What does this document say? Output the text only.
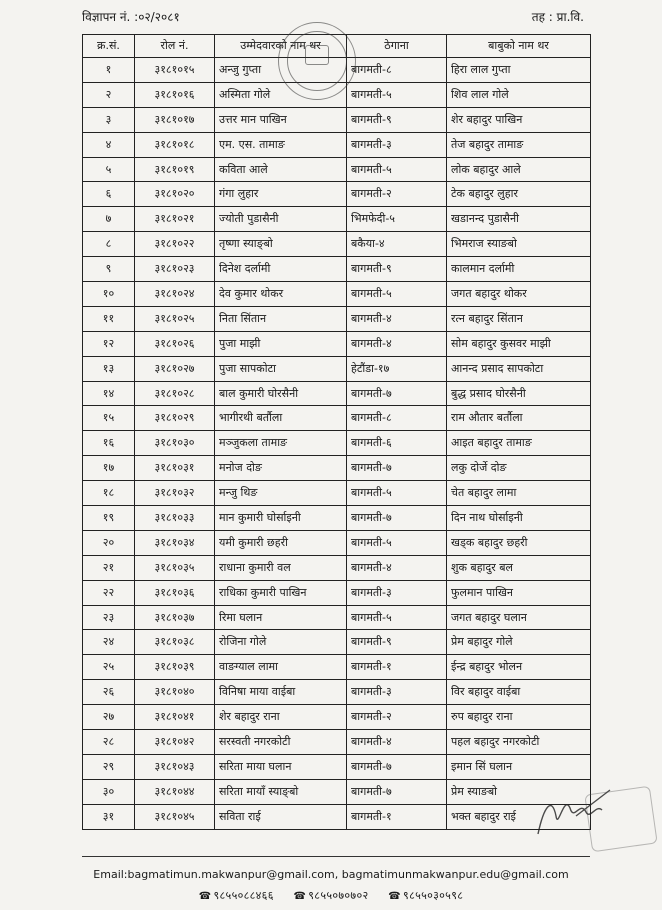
विज्ञापन नं. :०२/२०८१	तह : प्रा.वि.
क्र.सं.	रोल नं.	उम्मेदवारको नाम थर	ठेगाना	बाबुको नाम थर
१	३१८१०१५	अन्जु गुप्ता	बागमती-८	हिरा लाल गुप्ता
२	३१८१०१६	अस्मिता गोले	बागमती-५	शिव लाल गोले
३	३१८१०१७	उत्तर मान पाखिन	बागमती-९	शेर बहादुर पाखिन
४	३१८१०१८	एम. एस. तामाङ	बागमती-३	तेज बहादुर तामाङ
५	३१८१०१९	कविता आले	बागमती-५	लोक बहादुर आले
६	३१८१०२०	गंगा लुहार	बागमती-२	टेक बहादुर लुहार
७	३१८१०२१	ज्योती पुडासैनी	भिमफेदी-५	खडानन्द पुडासैनी
८	३१८१०२२	तृष्णा स्याङ्बो	बकैया-४	भिमराज स्याङबो
९	३१८१०२३	दिनेश दर्लामी	बागमती-९	कालमान दर्लामी
१०	३१८१०२४	देव कुमार थोकर	बागमती-५	जगत बहादुर थोकर
११	३१८१०२५	निता सिंतान	बागमती-४	रत्न बहादुर सिंतान
१२	३१८१०२६	पुजा माझी	बागमती-४	सोम बहादुर कुसवर माझी
१३	३१८१०२७	पुजा सापकोटा	हेटौंडा-१७	आनन्द प्रसाद सापकोटा
१४	३१८१०२८	बाल कुमारी घोरसैनी	बागमती-७	बुद्ध प्रसाद घोरसैनी
१५	३१८१०२९	भागीरथी बर्तौला	बागमती-८	राम औतार बर्तौला
१६	३१८१०३०	मञ्जुकला तामाङ	बागमती-६	आइत बहादुर तामाङ
१७	३१८१०३१	मनोज दोङ	बागमती-७	लकु दोर्जे दोङ
१८	३१८१०३२	मन्जु थिङ	बागमती-५	चेत बहादुर लामा
१९	३१८१०३३	मान कुमारी घोर्साइनी	बागमती-७	दिन नाथ घोर्साइनी
२०	३१८१०३४	यमी कुमारी छहरी	बागमती-५	खड्क बहादुर छहरी
२१	३१८१०३५	राधाना कुमारी वल	बागमती-४	शुक बहादुर बल
२२	३१८१०३६	राधिका कुमारी पाखिन	बागमती-३	फुलमान पाखिन
२३	३१८१०३७	रिमा घलान	बागमती-५	जगत बहादुर घलान
२४	३१८१०३८	रोजिना गोले	बागमती-९	प्रेम बहादुर गोले
२५	३१८१०३९	वाङग्याल लामा	बागमती-१	ईन्द्र बहादुर भोलन
२६	३१८१०४०	विनिषा माया वाईबा	बागमती-३	विर बहादुर वाईबा
२७	३१८१०४१	शेर बहादुर राना	बागमती-२	रुप बहादुर राना
२८	३१८१०४२	सरस्वती नगरकोटी	बागमती-४	पहल बहादुर नगरकोटी
२९	३१८१०४३	सरिता माया घलान	बागमती-७	इमान सिं घलान
३०	३१८१०४४	सरिता मायाँ स्याङ्बो	बागमती-७	प्रेम स्याङबो
३१	३१८१०४५	सविता राई	बागमती-१	भक्त बहादुर राई
Email:bagmatimun.makwanpur@gmail.com, bagmatimunmakwanpur.edu@gmail.com
☎ ९८५५०८८४६६ ☎ ९८५५०७०७०२ ☎ ९८५५०३०५९८
